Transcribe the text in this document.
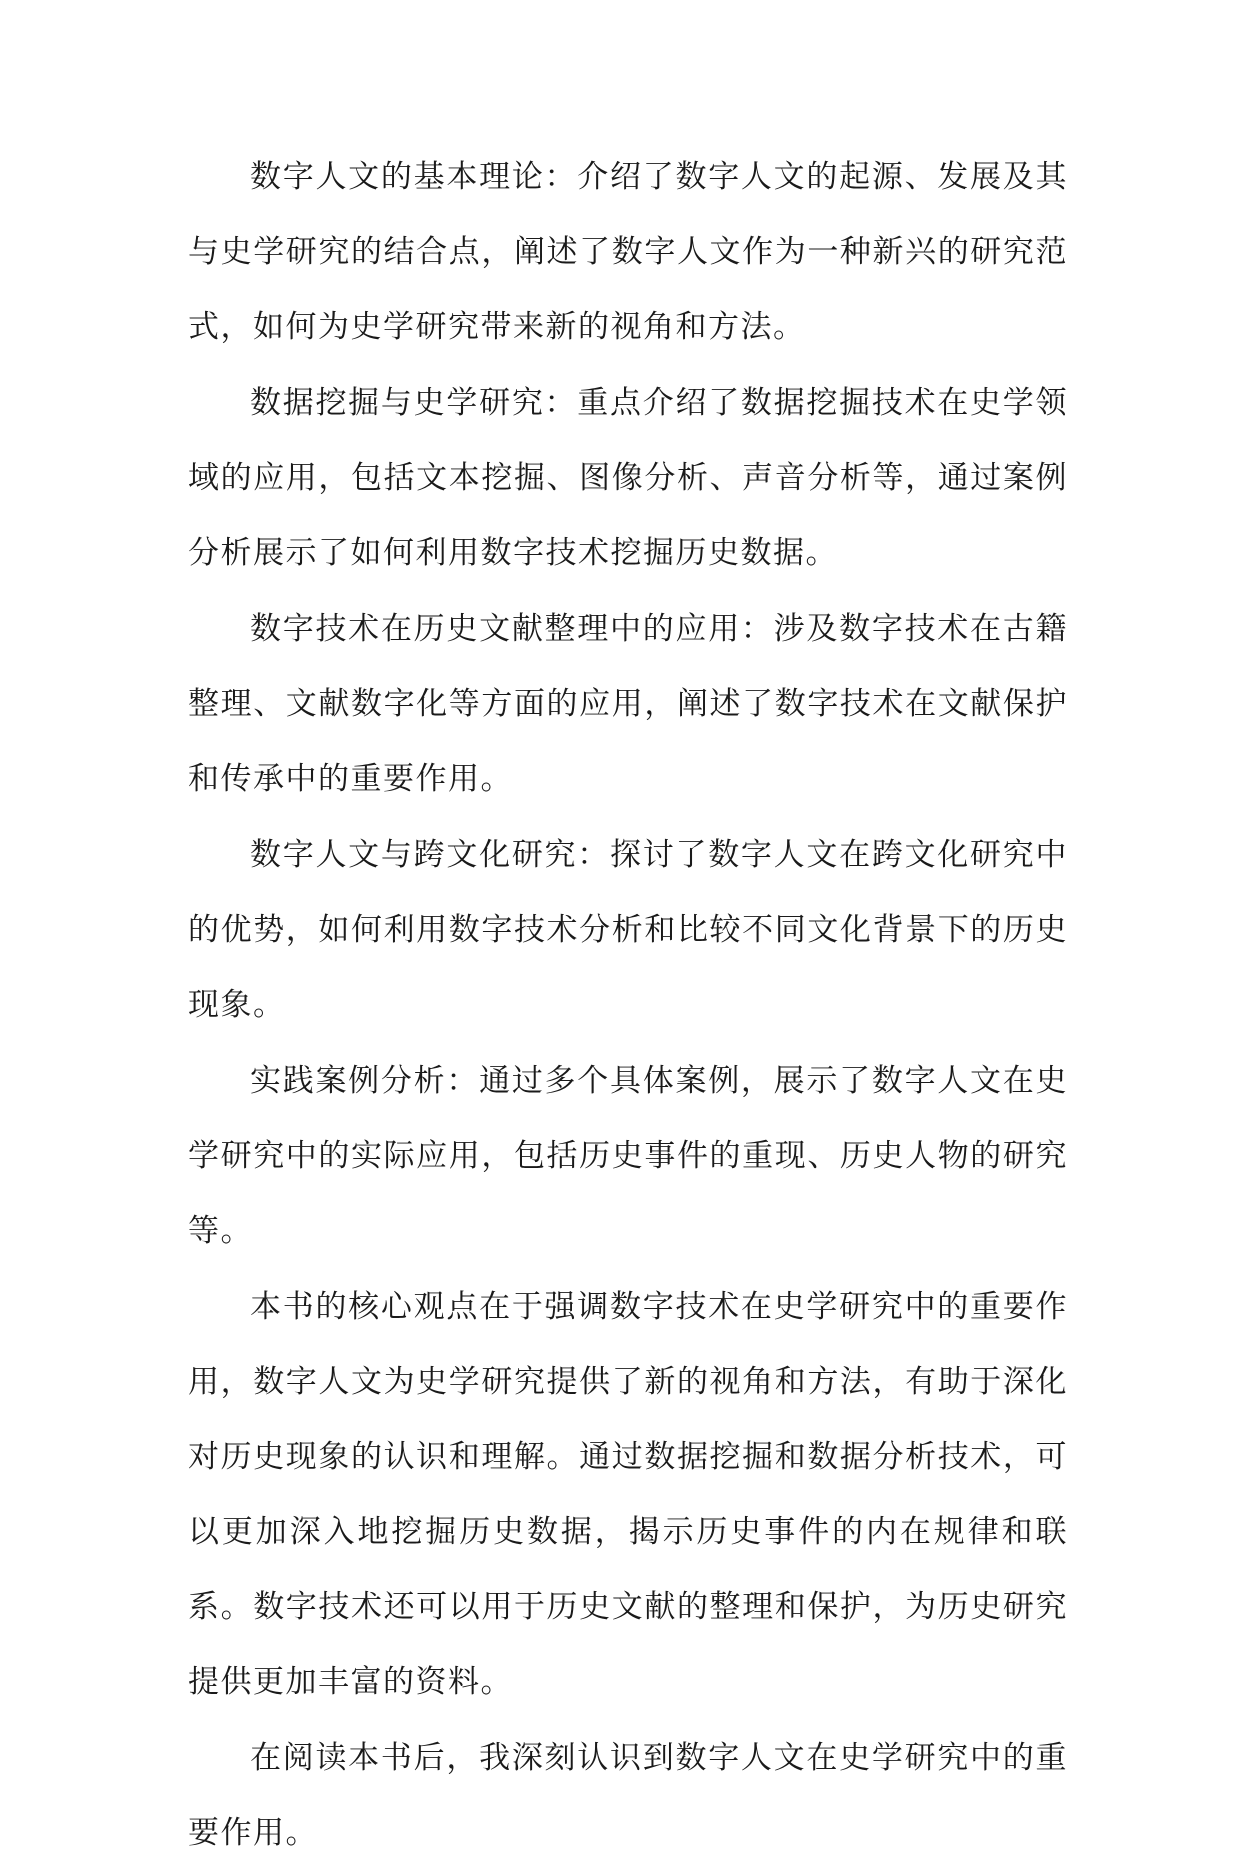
数字人文的基本理论：介绍了数字人文的起源、发展及其与史学研究的结合点，阐述了数字人文作为一种新兴的研究范式，如何为史学研究带来新的视角和方法。

数据挖掘与史学研究：重点介绍了数据挖掘技术在史学领域的应用，包括文本挖掘、图像分析、声音分析等，通过案例分析展示了如何利用数字技术挖掘历史数据。

数字技术在历史文献整理中的应用：涉及数字技术在古籍整理、文献数字化等方面的应用，阐述了数字技术在文献保护和传承中的重要作用。

数字人文与跨文化研究：探讨了数字人文在跨文化研究中的优势，如何利用数字技术分析和比较不同文化背景下的历史现象。

实践案例分析：通过多个具体案例，展示了数字人文在史学研究中的实际应用，包括历史事件的重现、历史人物的研究等。

本书的核心观点在于强调数字技术在史学研究中的重要作用，数字人文为史学研究提供了新的视角和方法，有助于深化对历史现象的认识和理解。通过数据挖掘和数据分析技术，可以更加深入地挖掘历史数据，揭示历史事件的内在规律和联系。数字技术还可以用于历史文献的整理和保护，为历史研究提供更加丰富的资料。

在阅读本书后，我深刻认识到数字人文在史学研究中的重要作用。
